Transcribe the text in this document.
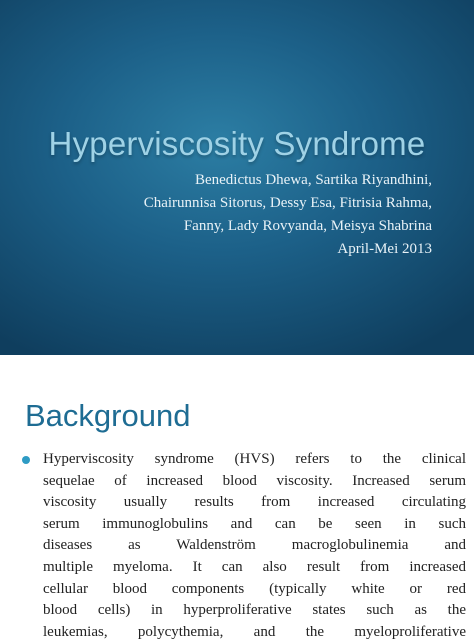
Hyperviscosity Syndrome
Benedictus Dhewa, Sartika Riyandhini,
Chairunnisa Sitorus, Dessy Esa, Fitrisia Rahma,
Fanny, Lady Rovyanda, Meisya Shabrina
April-Mei 2013
Background
Hyperviscosity syndrome (HVS) refers to the clinical
sequelae of increased blood viscosity. Increased serum
viscosity usually results from increased circulating
serum immunoglobulins and can be seen in such
diseases as Waldenström macroglobulinemia and
multiple myeloma. It can also result from increased
cellular blood components (typically white or red
blood cells) in hyperproliferative states such as the
leukemias, polycythemia, and the myeloproliferative
